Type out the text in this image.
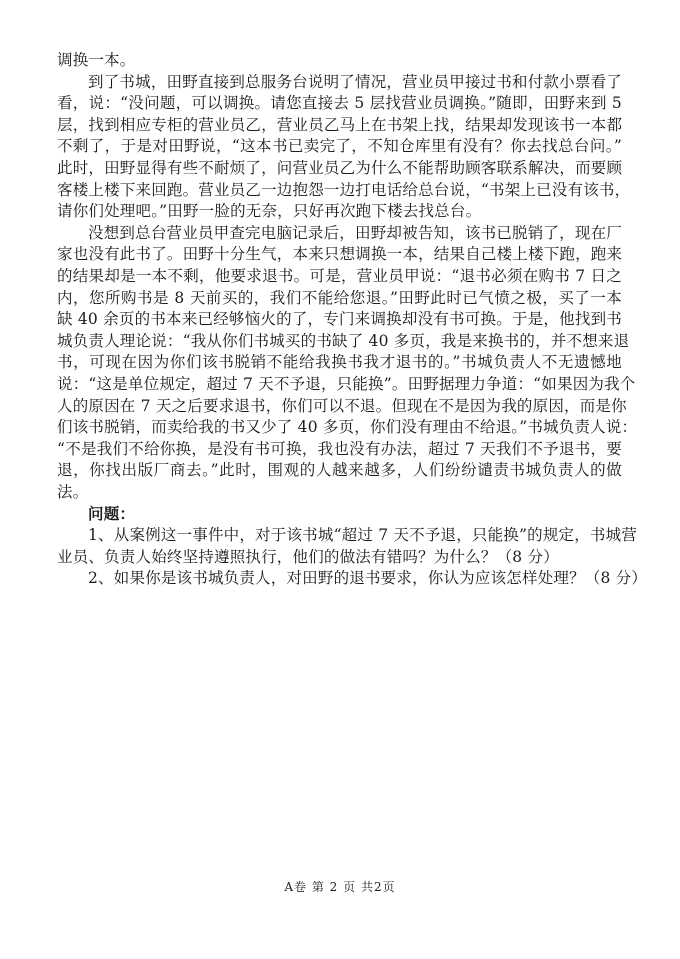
调换一本。
到了书城，田野直接到总服务台说明了情况，营业员甲接过书和付款小票看了
看，说：“没问题，可以调换。请您直接去 5 层找营业员调换。”随即，田野来到 5
层，找到相应专柜的营业员乙，营业员乙马上在书架上找，结果却发现该书一本都
不剩了，于是对田野说，“这本书已卖完了，不知仓库里有没有？你去找总台问。”
此时，田野显得有些不耐烦了，问营业员乙为什么不能帮助顾客联系解决，而要顾
客楼上楼下来回跑。营业员乙一边抱怨一边打电话给总台说，“书架上已没有该书，
请你们处理吧。”田野一脸的无奈，只好再次跑下楼去找总台。
没想到总台营业员甲查完电脑记录后，田野却被告知，该书已脱销了，现在厂
家也没有此书了。田野十分生气，本来只想调换一本，结果自己楼上楼下跑，跑来
的结果却是一本不剩，他要求退书。可是，营业员甲说：“退书必须在购书 7 日之
内，您所购书是 8 天前买的，我们不能给您退。”田野此时已气愤之极，买了一本
缺 40 余页的书本来已经够恼火的了，专门来调换却没有书可换。于是，他找到书
城负责人理论说：“我从你们书城买的书缺了 40 多页，我是来换书的，并不想来退
书，可现在因为你们该书脱销不能给我换书我才退书的。”书城负责人不无遗憾地
说：“这是单位规定，超过 7 天不予退，只能换”。田野据理力争道：“如果因为我个
人的原因在 7 天之后要求退书，你们可以不退。但现在不是因为我的原因，而是你
们该书脱销，而卖给我的书又少了 40 多页，你们没有理由不给退。”书城负责人说：
“不是我们不给你换，是没有书可换，我也没有办法，超过 7 天我们不予退书，要
退，你找出版厂商去。”此时，围观的人越来越多，人们纷纷谴责书城负责人的做
法。
问题：
1、从案例这一事件中，对于该书城“超过 7 天不予退，只能换”的规定，书城营
业员、负责人始终坚持遵照执行，他们的做法有错吗？为什么？（8 分）
2、如果你是该书城负责人，对田野的退书要求，你认为应该怎样处理？（8 分）
A卷 第 2 页 共2页
